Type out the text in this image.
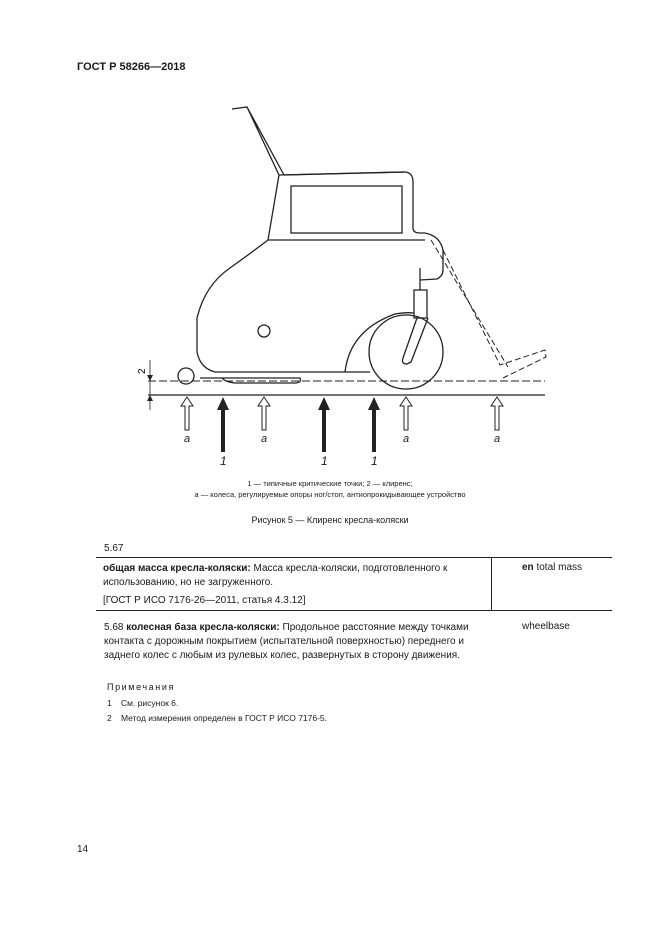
ГОСТ Р 58266—2018
2
a	a	a	a
1	1	1
1 — типичные критические точки; 2 — клиренс;
a — колеса, регулируемые опоры ног/стоп, антиопрокидывающее устройство
Рисунок 5 — Клиренс кресла-коляски
5.67
общая масса кресла-коляски: Масса кресла-коляски, подготовленного к использованию, но не загруженного.
[ГОСТ Р ИСО 7176-26—2011, статья 4.3.12]
en total mass
5.68 колесная база кресла-коляски: Продольное расстояние между точками контакта с дорожным покрытием (испытательной поверхностью) переднего и заднего колес с любым из рулевых колес, развернутых в сторону движения.
wheelbase
Примечания
1 См. рисунок 6.
2 Метод измерения определен в ГОСТ Р ИСО 7176-5.
14
